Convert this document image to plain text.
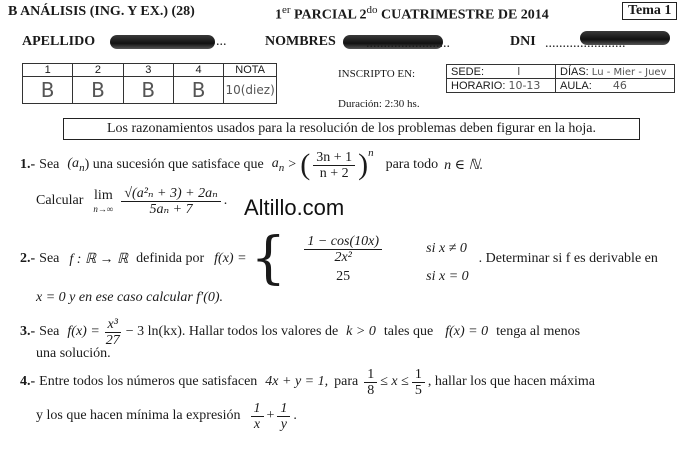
B ANÁLISIS (ING. Y EX.) (28)	1er PARCIAL $2^{do}$ CUATRIMESTRE DE 2014	Tema 1
APELLIDO	...	NOMBRES ........................	DNI .......................
1	2	3	4	NOTA
B	B	B	B	10(diez)
INSCRIPTO EN:	SEDE: I	DÍAS: Lu - Mier - Juev
HORARIO: 10-13	AULA: 46
Duración: 2:30 hs.
Los razonamientos usados para la resolución de los problemas deben figurar en la hoja.
1.- Sea ($a_n$ ) una sucesión que satisface que $a_n$ > ( $\frac{3n + 1}{n + 2} )^n$
para todo n ∈ ℕ.
Calcular lim
$n\to\infty \frac{\text{√(a²ₙ + 3) + 2aₙ}}{\text{5aₙ + 7}}$ . Altillo.com
2.- Sea f : ℝ → ℝ definida por f(x) = { $\frac{1 - \cos(10x)}{\text{2x²}}$ si x ≠ 0
25	si x = 0
. Determinar si f es derivable en
x = 0 y en ese caso calcular f′(0).
3.- Sea $f(x) = \frac{\text{x³}}{27} - 3$ ln(kx). Hallar todos los valores de k > 0 tales que f(x) = 0 tenga al menos
una solución.
4.- Entre todos los números que satisfacen 4x + y = 1, para $\frac{1}{8} \le x \le \frac{1}{5}$ , hallar los que hacen máxima
y los que hacen mínima la expresión $\frac{1}{x} + \frac{1}{y}$ .
